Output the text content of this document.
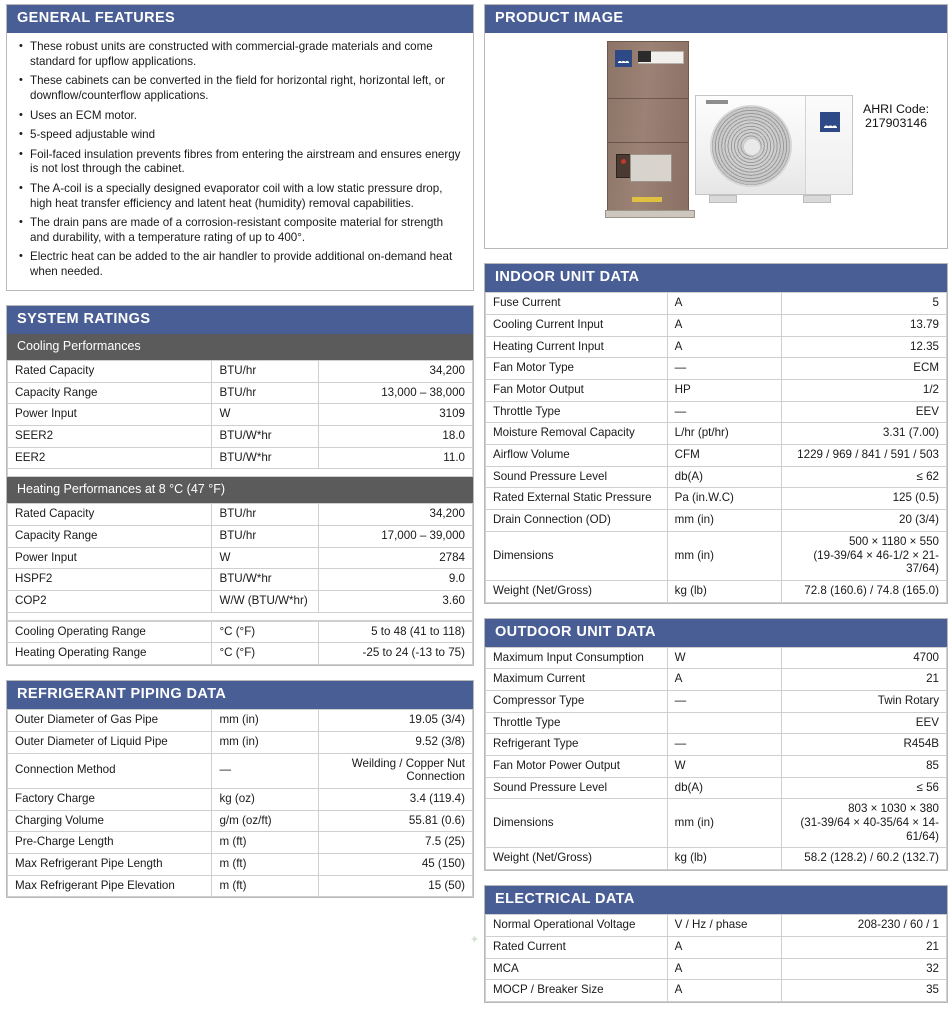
GENERAL FEATURES
• These robust units are constructed with commercial-grade materials and come standard for upflow applications.
• These cabinets can be converted in the field for horizontal right, horizontal left, or downflow/counterflow applications.
• Uses an ECM motor.
• 5-speed adjustable wind
• Foil-faced insulation prevents fibres from entering the airstream and ensures energy is not lost through the cabinet.
• The A-coil is a specially designed evaporator coil with a low static pressure drop, high heat transfer efficiency and latent heat (humidity) removal capabilities.
• The drain pans are made of a corrosion-resistant composite material for strength and durability, with a temperature rating of up to 400°.
• Electric heat can be added to the air handler to provide additional on-demand heat when needed.
SYSTEM RATINGS
Cooling Performances
Rated Capacity	BTU/hr	34,200
Capacity Range	BTU/hr	13,000 – 38,000
Power Input	W	3109
SEER2	BTU/W*hr	18.0
EER2	BTU/W*hr	11.0

Heating Performances at 8 °C (47 °F)
Rated Capacity	BTU/hr	34,200
Capacity Range	BTU/hr	17,000 – 39,000
Power Input	W	2784
HSPF2	BTU/W*hr	9.0
COP2	W/W (BTU/W*hr)	3.60

Cooling Operating Range	°C (°F)	5 to 48 (41 to 118)
Heating Operating Range	°C (°F)	-25 to 24 (-13 to 75)
REFRIGERANT PIPING DATA
Outer Diameter of Gas Pipe	mm (in)	19.05 (3/4)
Outer Diameter of Liquid Pipe	mm (in)	9.52 (3/8)
Connection Method	—	Weilding / Copper Nut Connection
Factory Charge	kg (oz)	3.4 (119.4)
Charging Volume	g/m (oz/ft)	55.81 (0.6)
Pre-Charge Length	m (ft)	7.5 (25)
Max Refrigerant Pipe Length	m (ft)	45 (150)
Max Refrigerant Pipe Elevation	m (ft)	15 (50)
PRODUCT IMAGE
AHRI Code: 217903146
INDOOR UNIT DATA
Fuse Current	A	5
Cooling Current Input	A	13.79
Heating Current Input	A	12.35
Fan Motor Type	—	ECM
Fan Motor Output	HP	1/2
Throttle Type	—	EEV
Moisture Removal Capacity	L/hr (pt/hr)	3.31 (7.00)
Airflow Volume	CFM	1229 / 969 / 841 / 591 / 503
Sound Pressure Level	db(A)	≤ 62
Rated External Static Pressure	Pa (in.W.C)	125 (0.5)
Drain Connection (OD)	mm (in)	20 (3/4)
Dimensions	mm (in)	500 × 1180 × 550
(19-39/64 × 46-1/2 × 21-37/64)

Weight (Net/Gross)	kg (lb)	72.8 (160.6) / 74.8 (165.0)
OUTDOOR UNIT DATA
Maximum Input Consumption	W	4700
Maximum Current	A	21
Compressor Type	—	Twin Rotary
Throttle Type		EEV
Refrigerant Type	—	R454B
Fan Motor Power Output	W	85
Sound Pressure Level	db(A)	≤ 56
Dimensions	mm (in)	803 × 1030 × 380
(31-39/64 × 40-35/64 × 14-61/64)

Weight (Net/Gross)	kg (lb)	58.2 (128.2) / 60.2 (132.7)
ELECTRICAL DATA
Normal Operational Voltage	V / Hz / phase	208-230 / 60 / 1
Rated Current	A	21
MCA	A	32
MOCP / Breaker Size	A	35
✦
